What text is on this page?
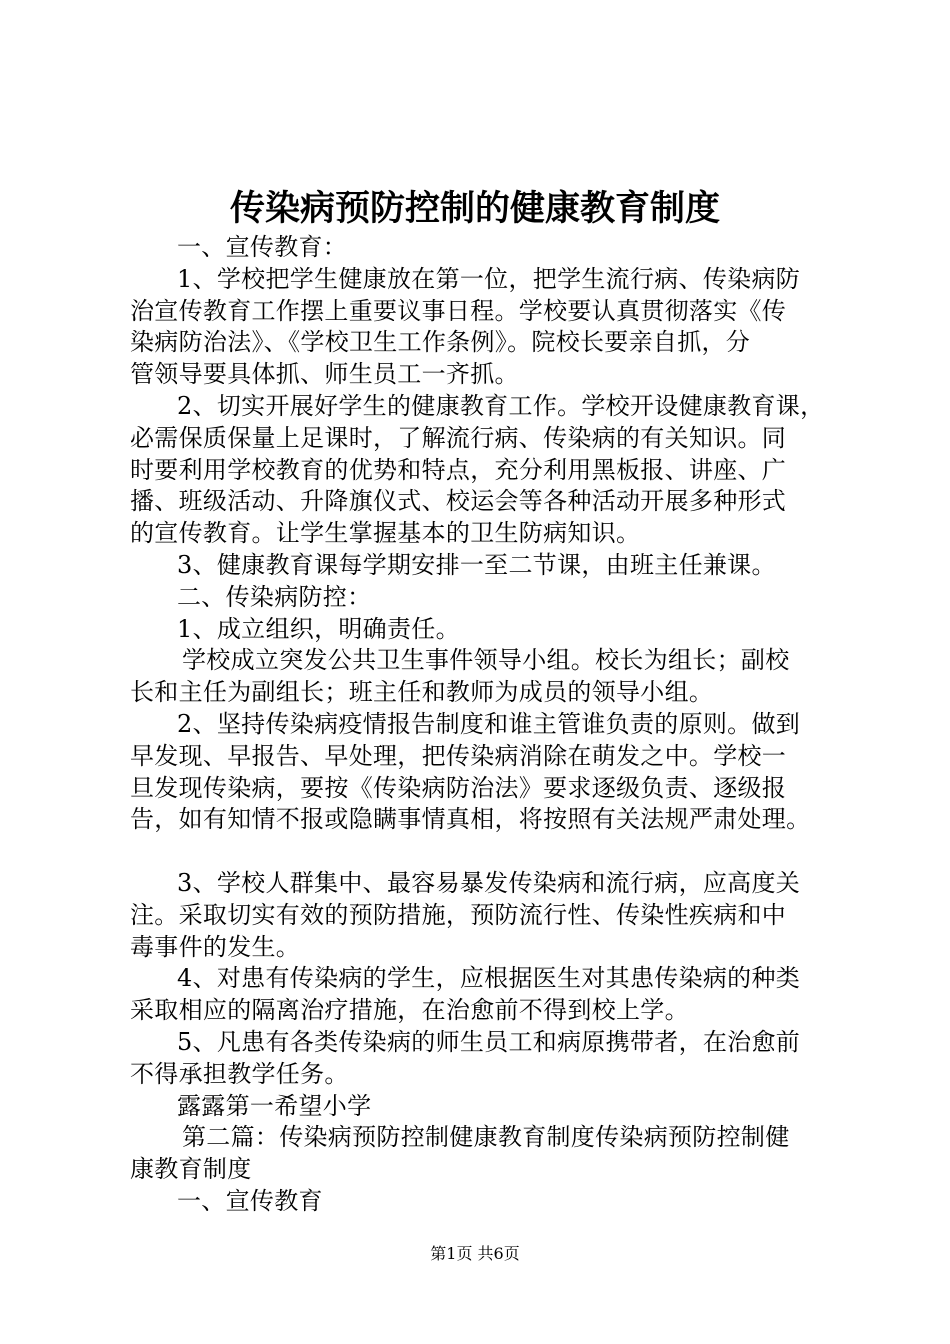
传染病预防控制的健康教育制度
一、宣传教育：
1、学校把学生健康放在第一位，把学生流行病、传染病防
治宣传教育工作摆上重要议事日程。学校要认真贯彻落实《传
染病防治法》、《学校卫生工作条例》。院校长要亲自抓，分
管领导要具体抓、师生员工一齐抓。
2、切实开展好学生的健康教育工作。学校开设健康教育课，
必需保质保量上足课时，了解流行病、传染病的有关知识。同
时要利用学校教育的优势和特点，充分利用黑板报、讲座、广
播、班级活动、升降旗仪式、校运会等各种活动开展多种形式
的宣传教育。让学生掌握基本的卫生防病知识。
3、健康教育课每学期安排一至二节课，由班主任兼课。
二、传染病防控：
1、成立组织，明确责任。
学校成立突发公共卫生事件领导小组。校长为组长；副校
长和主任为副组长；班主任和教师为成员的领导小组。
2、坚持传染病疫情报告制度和谁主管谁负责的原则。做到
早发现、早报告、早处理，把传染病消除在萌发之中。学校一
旦发现传染病，要按《传染病防治法》要求逐级负责、逐级报
告，如有知情不报或隐瞒事情真相，将按照有关法规严肃处理。
3、学校人群集中、最容易暴发传染病和流行病，应高度关
注。采取切实有效的预防措施，预防流行性、传染性疾病和中
毒事件的发生。
4、对患有传染病的学生，应根据医生对其患传染病的种类
采取相应的隔离治疗措施，在治愈前不得到校上学。
5、凡患有各类传染病的师生员工和病原携带者，在治愈前
不得承担教学任务。
露露第一希望小学
第二篇：传染病预防控制健康教育制度传染病预防控制健
康教育制度
一、宣传教育
第1页 共6页
